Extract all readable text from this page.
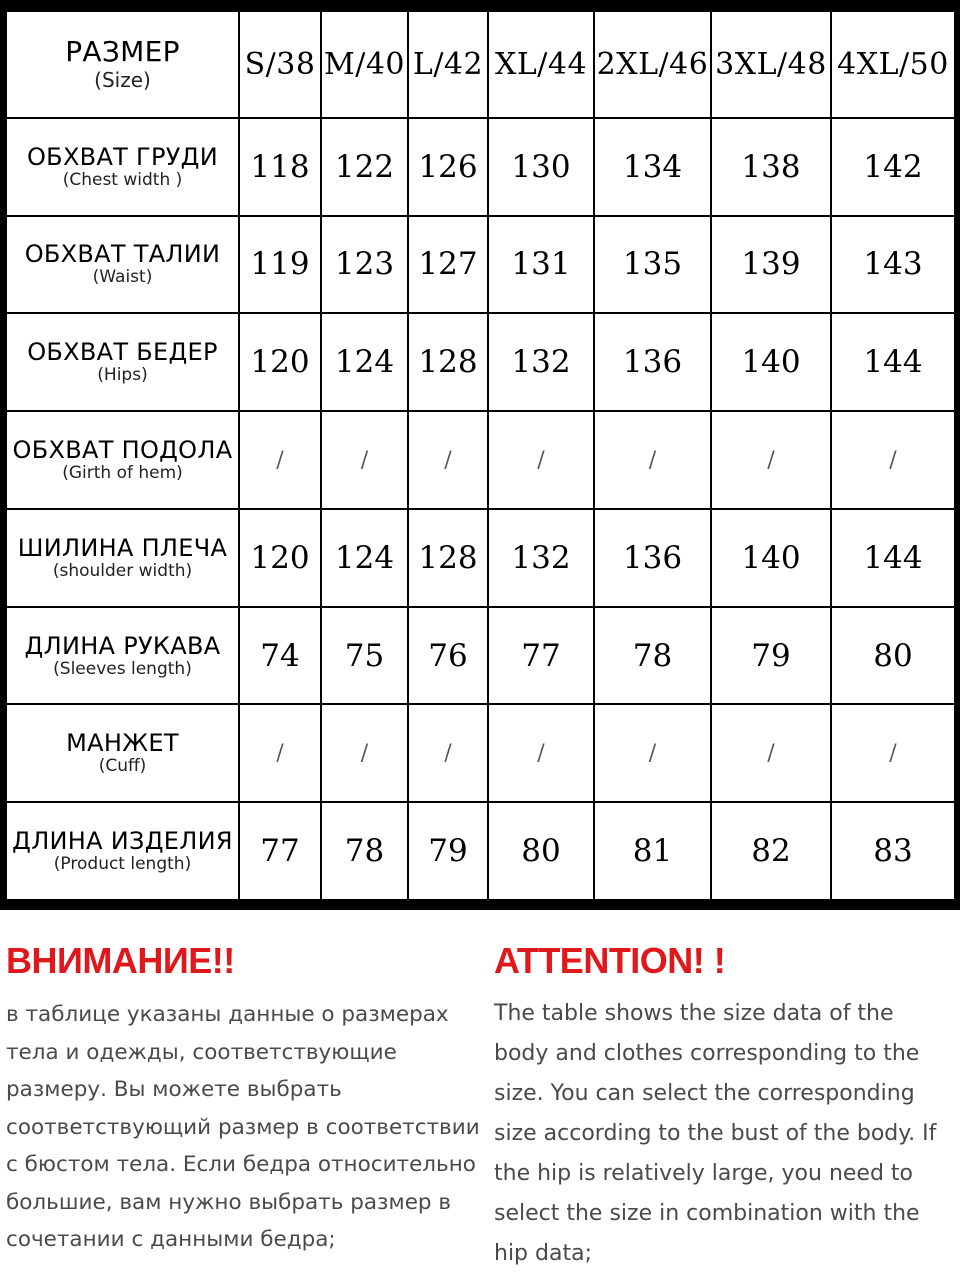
РАЗМЕР
(Size)	S/38	M/40	L/42	XL/44	2XL/46	3XL/48	4XL/50

ОБХВАТ ГРУДИ
(Chest width )	118	122	126	130	134	138	142

ОБХВАТ ТАЛИИ
(Waist)	119	123	127	131	135	139	143

ОБХВАТ БЕДЕР
(Hips)	120	124	128	132	136	140	144

ОБХВАТ ПОДОЛА
(Girth of hem)	/	/	/	/	/	/	/

ШИЛИНА ПЛЕЧА
(shoulder width)	120	124	128	132	136	140	144

ДЛИНА РУКАВА
(Sleeves length)	74	75	76	77	78	79	80

МАНЖЕТ
(Cuff)	/	/	/	/	/	/	/

ДЛИНА ИЗДЕЛИЯ
(Product length)	77	78	79	80	81	82	83
ВНИМАНИЕ!!
в таблице указаны данные о размерах тела и одежды, соответствующие размеру. Вы можете выбрать соответствующий размер в соответствии с бюстом тела. Если бедра относительно большие, вам нужно выбрать размер в сочетании с данными бедра;
ATTENTION! !
The table shows the size data of the body and clothes corresponding to the size. You can select the corresponding size according to the bust of the body. If the hip is relatively large, you need to select the size in combination with the hip data;
